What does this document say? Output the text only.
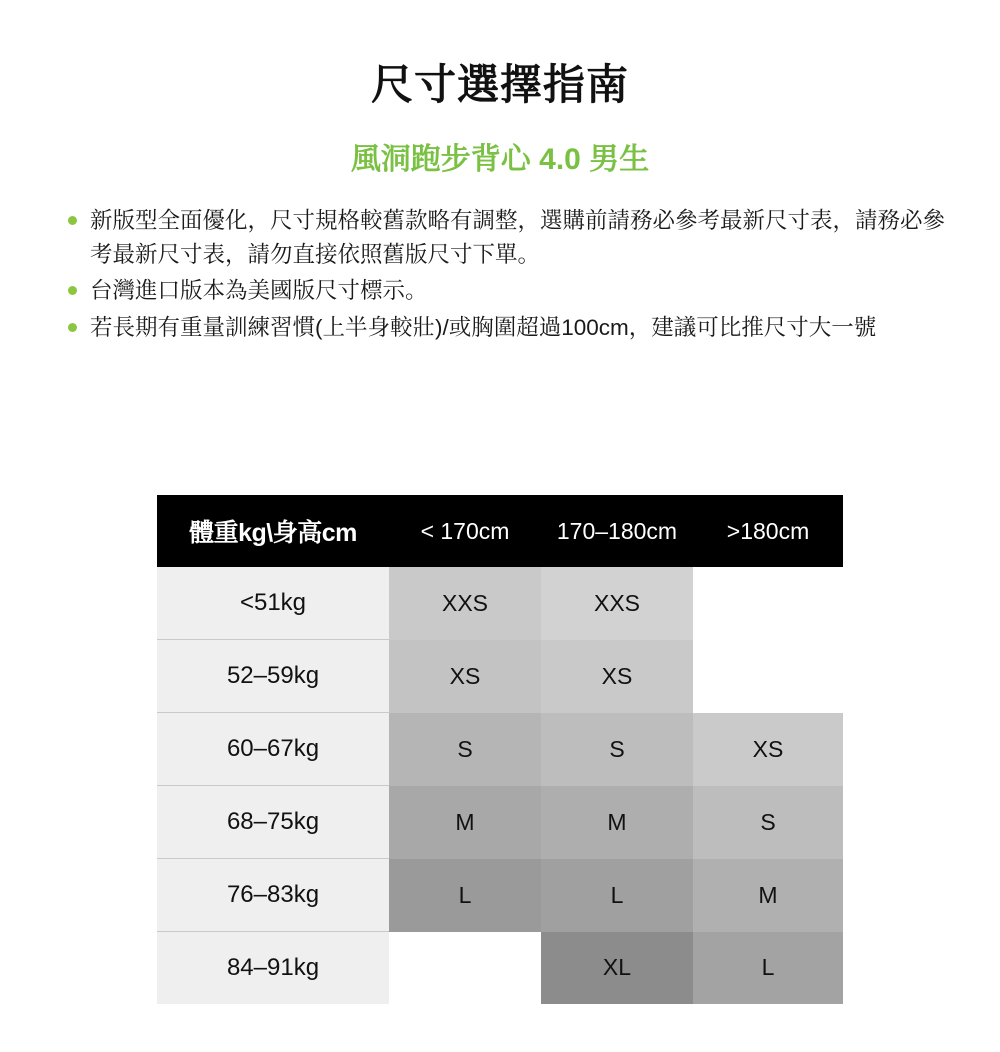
尺寸選擇指南
風洞跑步背心 4.0 男生
新版型全面優化，尺寸規格較舊款略有調整，選購前請務必參考最新尺寸表，請務必參考最新尺寸表，請勿直接依照舊版尺寸下單。
台灣進口版本為美國版尺寸標示。
若長期有重量訓練習慣(上半身較壯)/或胸圍超過100cm，建議可比推尺寸大一號
體重kg\身高cm	< 170cm	170–180cm	>180cm
<51kg	XXS	XXS	
52–59kg	XS	XS	
60–67kg	S	S	XS
68–75kg	M	M	S
76–83kg	L	L	M
84–91kg		XL	L
